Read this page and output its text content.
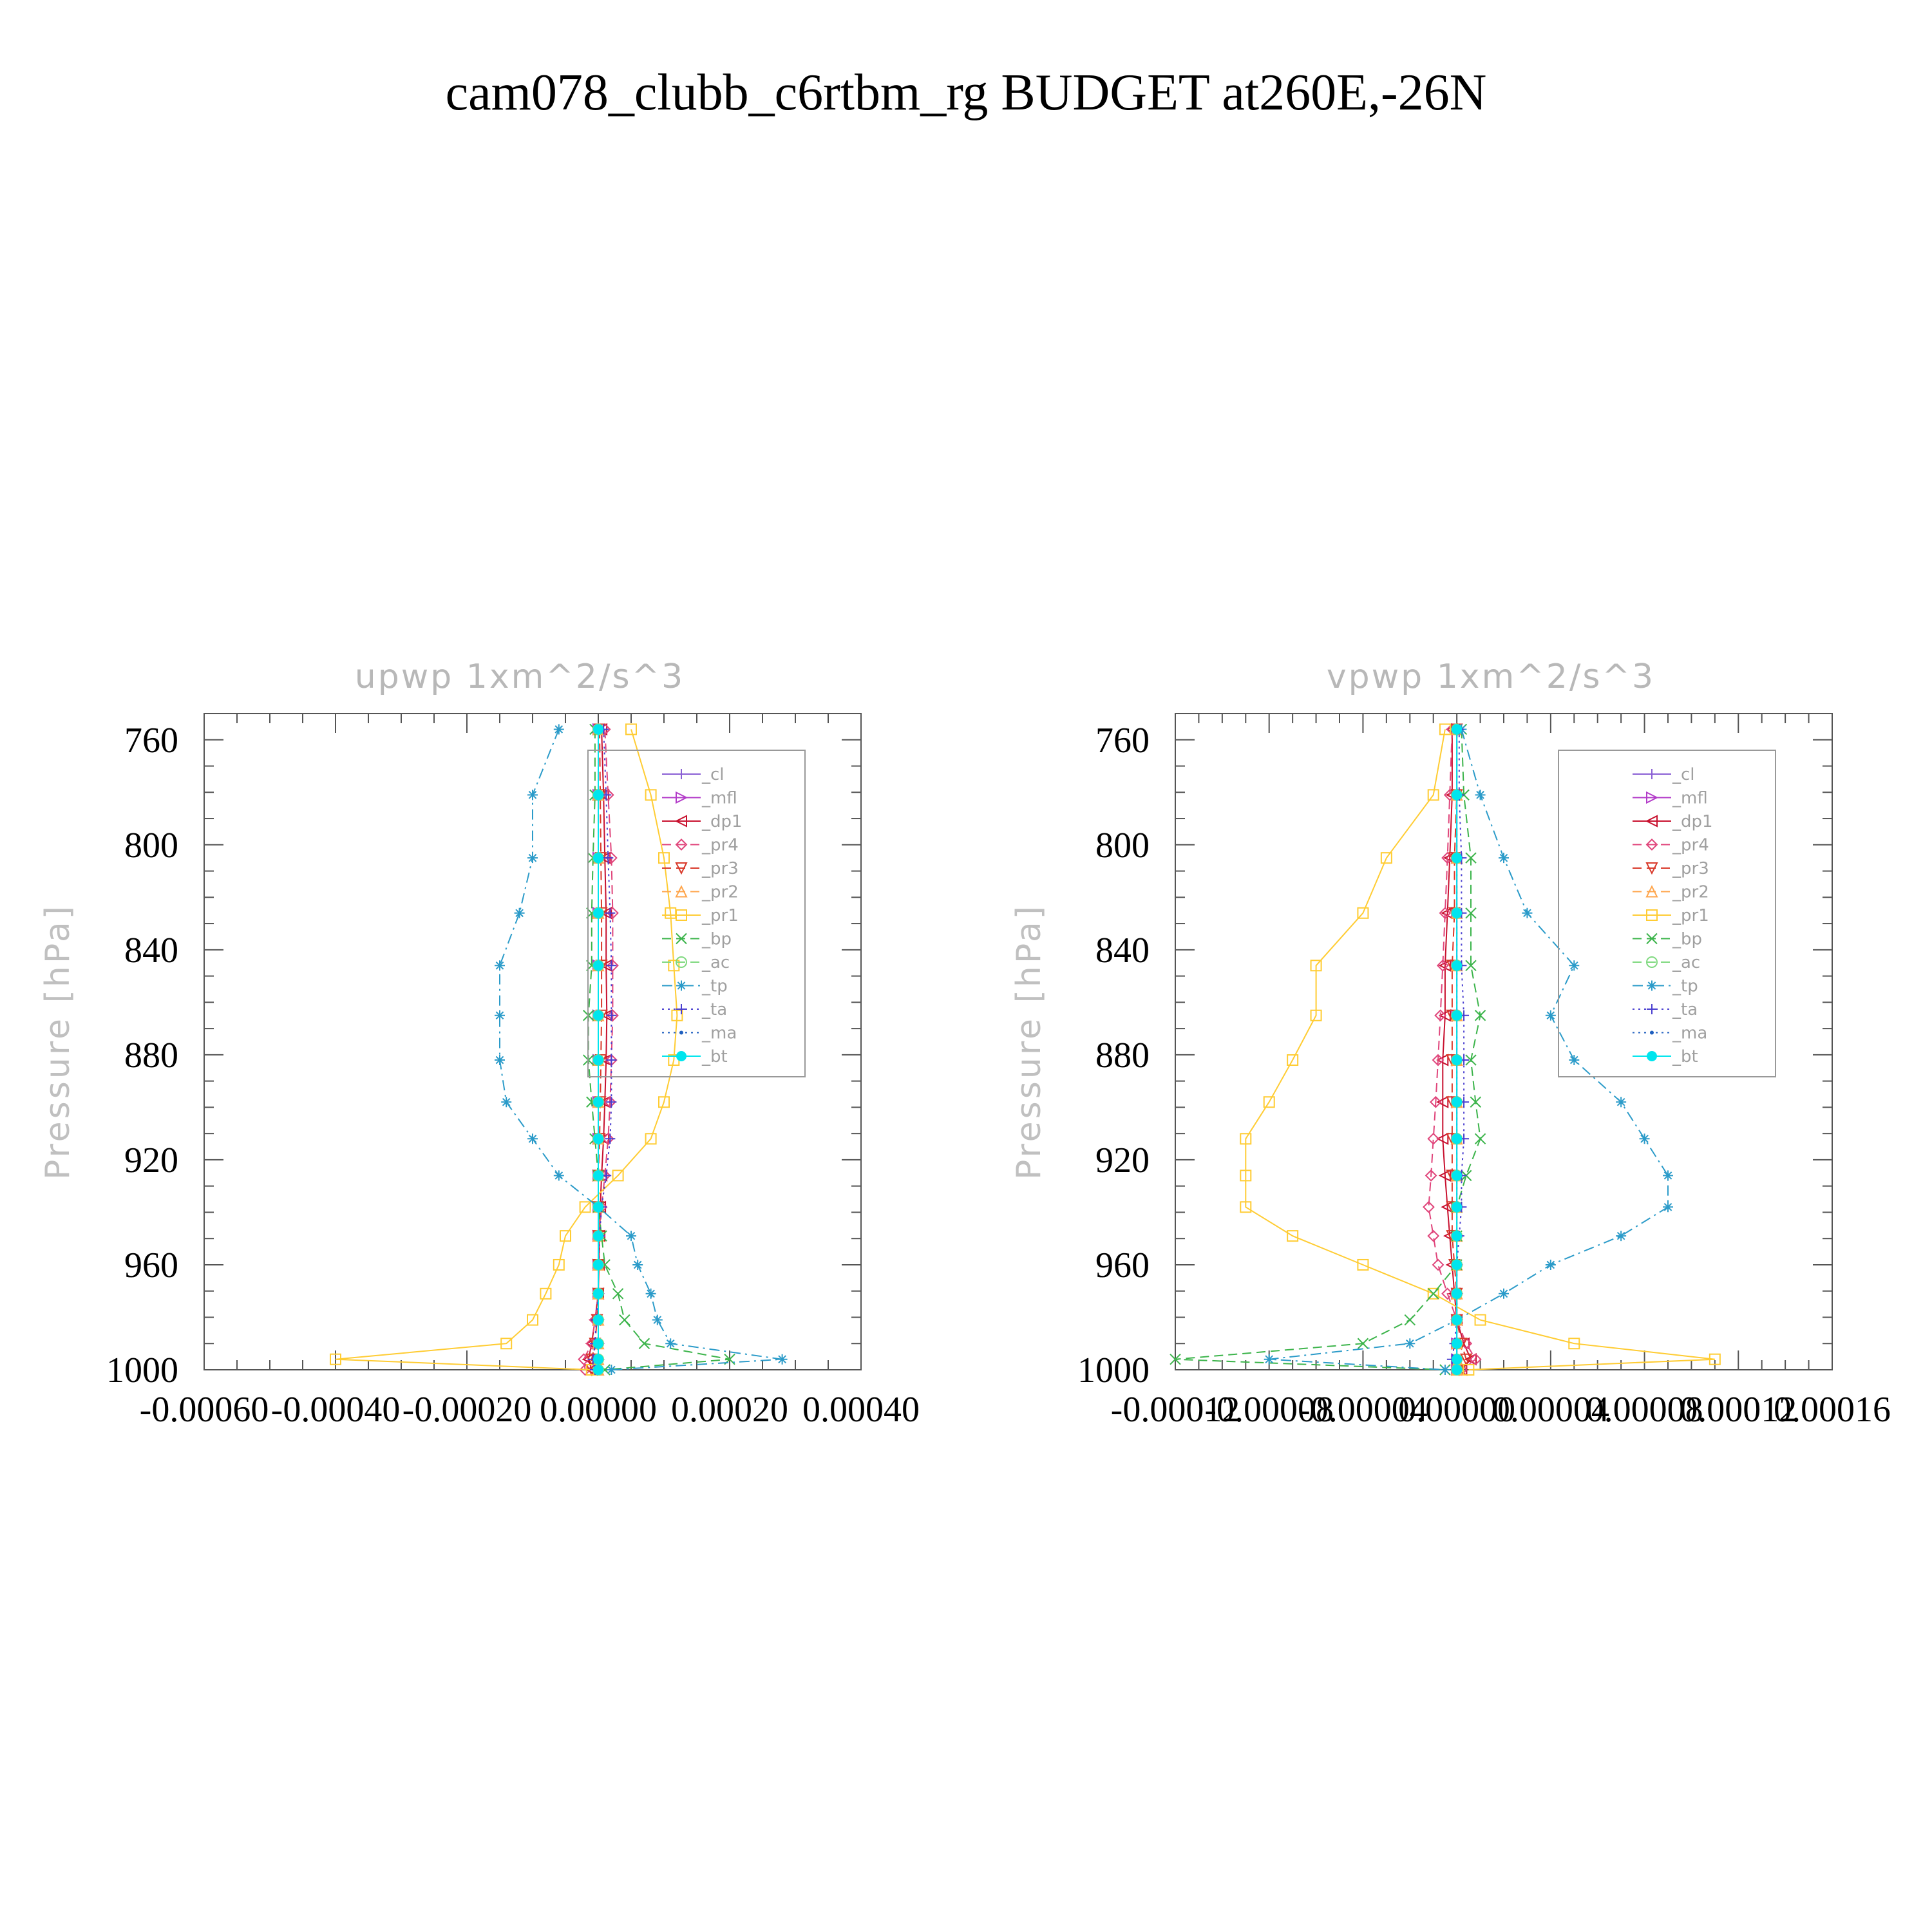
cam078_clubb_c6rtbm_rg BUDGET at260E,-26N
upwp 1xm^2/s^3
Pressure [hPa]
-0.00060 -0.00040 -0.00020 0.00000 0.00020 0.00040
760
800
840
880
920
960
1000
_cl
_mfl
_dp1
_pr4
_pr3
_pr2
_pr1
_bp
_ac
_tp
_ta
_ma
_bt
vpwp 1xm^2/s^3
Pressure [hPa]
-0.00012
-0.00008
-0.00004
0.00000
0.00004
0.00008
0.00012
0.00016
760
800
840
880
920
960
1000
_cl
_mfl
_dp1
_pr4
_pr3
_pr2
_pr1
_bp
_ac
_tp
_ta
_ma
_bt
